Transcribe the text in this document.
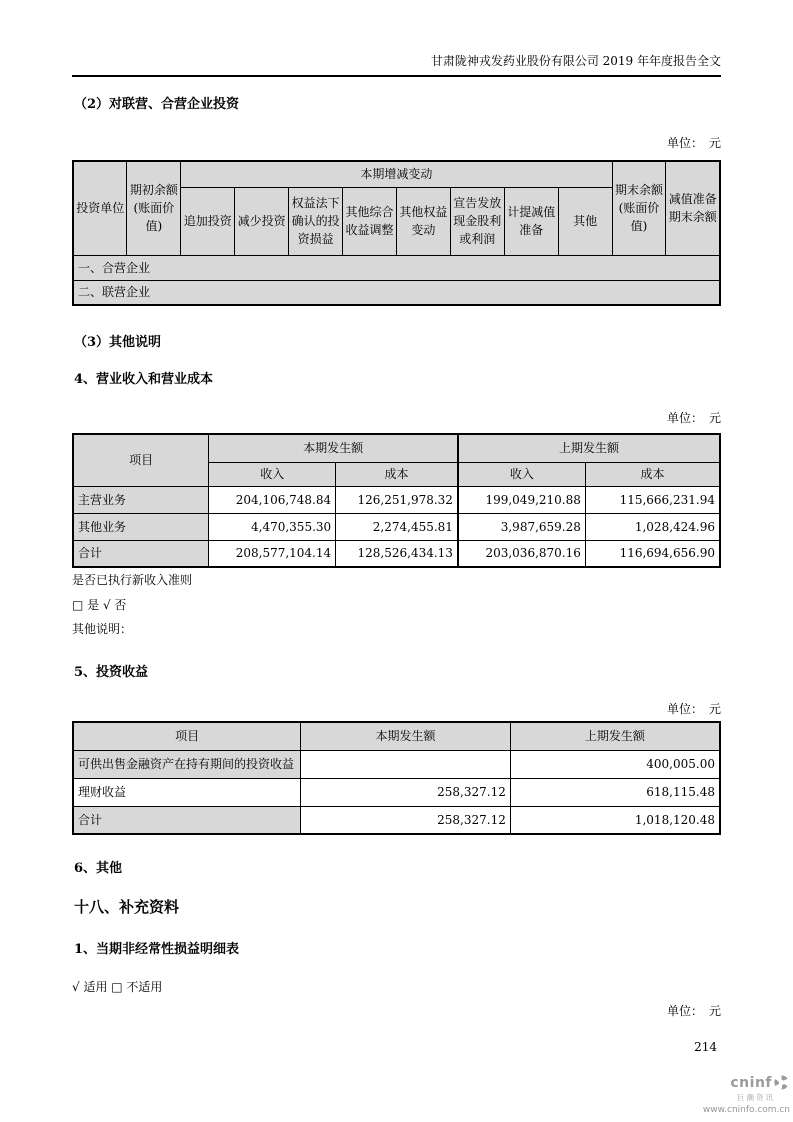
甘肃陇神戎发药业股份有限公司 2019 年年度报告全文
（2）对联营、合营企业投资
单位：　元
投资单位	期初余额(账面价值)	本期增减变动								期末余额(账面价值)	减值准备期末余额
		追加投资	减少投资	权益法下确认的投资损益	其他综合收益调整	其他权益变动	宣告发放现金股利或利润	计提减值准备	其他		
一、合营企业											
二、联营企业											
（3）其他说明
4、营业收入和营业成本
单位：　元
项目	本期发生额		上期发生额	
	收入	成本	收入	成本
主营业务	204,106,748.84	126,251,978.32	199,049,210.88	115,666,231.94
其他业务	4,470,355.30	2,274,455.81	3,987,659.28	1,028,424.96
合计	208,577,104.14	128,526,434.13	203,036,870.16	116,694,656.90
是否已执行新收入准则
□ 是 √ 否
其他说明：
5、投资收益
单位：　元
项目	本期发生额	上期发生额
可供出售金融资产在持有期间的投资收益		400,005.00
理财收益	258,327.12	618,115.48
合计	258,327.12	1,018,120.48
6、其他
十八、补充资料
1、当期非经常性损益明细表
√ 适用 □ 不适用
单位：　元
214
cninf
巨潮资讯
www.cninfo.com.cn
